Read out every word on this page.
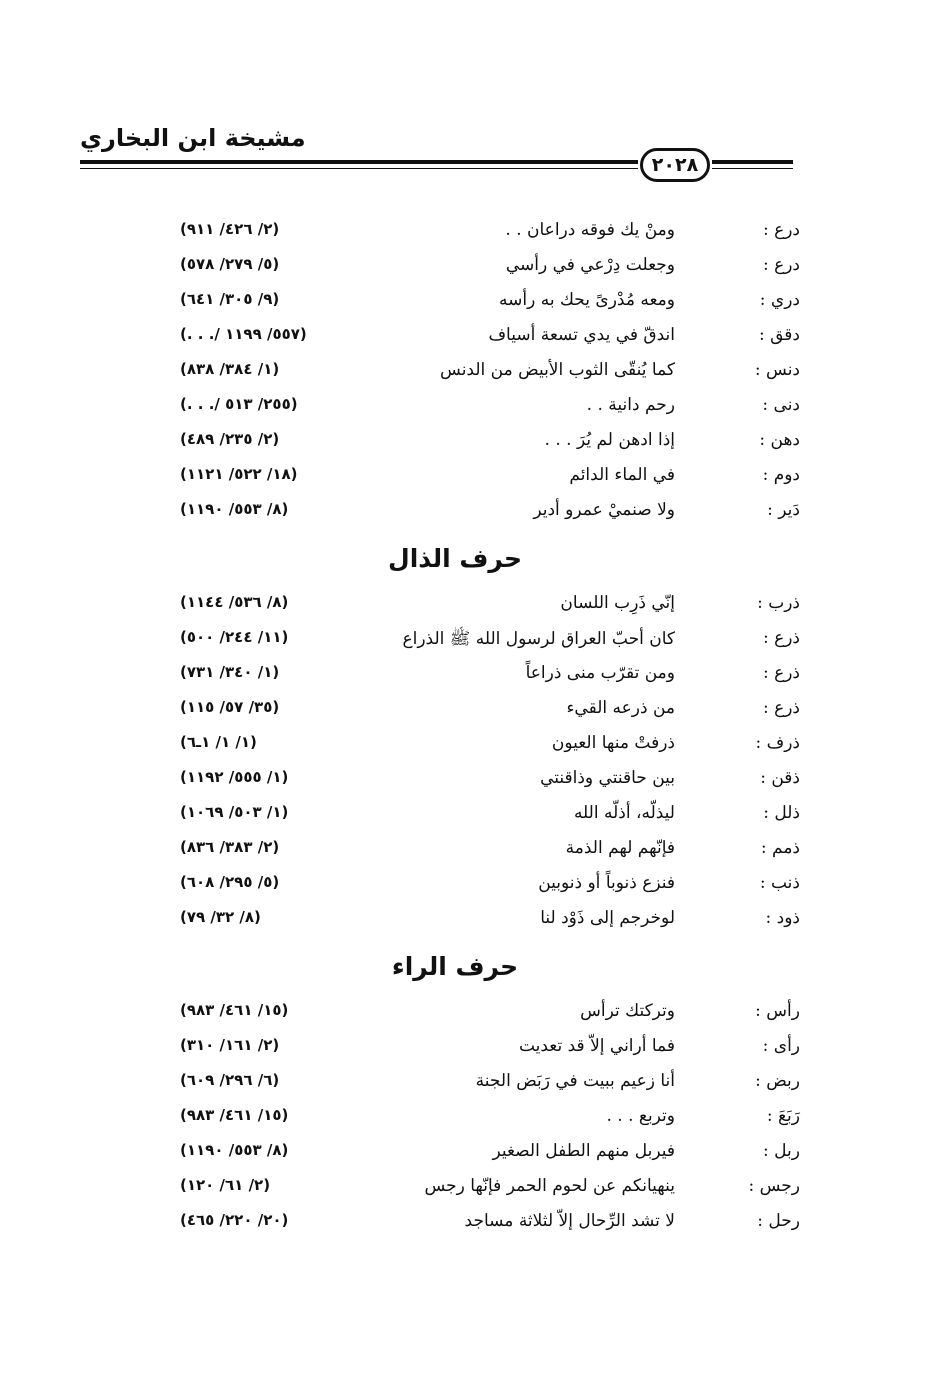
مشيخة ابن البخاري
٢٠٢٨
درع :
ومنْ يك فوقه دراعان . .
(٢/ ٤٢٦/ ٩١١)
درع :
وجعلت دِرْعي في رأسي
(٥/ ٢٧٩/ ٥٧٨)
دري :
ومعه مُدْرىً يحك به رأسه
(٩/ ٣٠٥/ ٦٤١)
دقق :
اندقّ في يدي تسعة أسياف
(. . ./ ٥٥٧/ ١١٩٩)
دنس :
كما يُنقّى الثوب الأبيض من الدنس
(١/ ٣٨٤/ ٨٣٨)
دنى :
رحم دانية . .
(. . ./ ٢٥٥/ ٥١٣)
دهن :
إذا ادهن لم يُرَ . . .
(٢/ ٢٣٥/ ٤٨٩)
دوم :
في الماء الدائم
(١٨/ ٥٢٢/ ١١٢١)
دَير :
ولا صنميْ عمرو أدير
(٨/ ٥٥٣/ ١١٩٠)
حرف الذال
ذرب :
إنّي ذَرِب اللسان
(٨/ ٥٣٦/ ١١٤٤)
ذرع :
كان أحبّ العراق لرسول الله ﷺ الذراع
(١١/ ٢٤٤/ ٥٠٠)
ذرع :
ومن تقرّب منى ذراعاً
(١/ ٣٤٠/ ٧٣١)
ذرع :
من ذرعه القيء
(٣٥/ ٥٧/ ١١٥)
ذرف :
ذرفتْ منها العيون
(١/ ١/ ١ـ٦)
ذقن :
بين حاقنتي وذاقنتي
(١/ ٥٥٥/ ١١٩٢)
ذلل :
ليذلّه، أذلّه الله
(١/ ٥٠٣/ ١٠٦٩)
ذمم :
فإنّهم لهم الذمة
(٢/ ٣٨٣/ ٨٣٦)
ذنب :
فنزع ذنوباً أو ذنوبين
(٥/ ٢٩٥/ ٦٠٨)
ذود :
لوخرجم إلى ذَوْد لنا
(٨/ ٣٢/ ٧٩)
حرف الراء
رأس :
وتركتك ترأس
(١٥/ ٤٦١/ ٩٨٣)
رأى :
فما أراني إلاّ قد تعديت
(٢/ ١٦١/ ٣١٠)
ربض :
أنا زعيم ببيت في رَبَض الجنة
(٦/ ٢٩٦/ ٦٠٩)
رَبَعَ :
وتربع . . .
(١٥/ ٤٦١/ ٩٨٣)
ربل :
فيربل منهم الطفل الصغير
(٨/ ٥٥٣/ ١١٩٠)
رجس :
ينهيانكم عن لحوم الحمر فإنّها رجس
(٢/ ٦١/ ١٢٠)
رحل :
لا تشد الرِّحال إلاّ لثلاثة مساجد
(٢٠/ ٢٢٠/ ٤٦٥)
